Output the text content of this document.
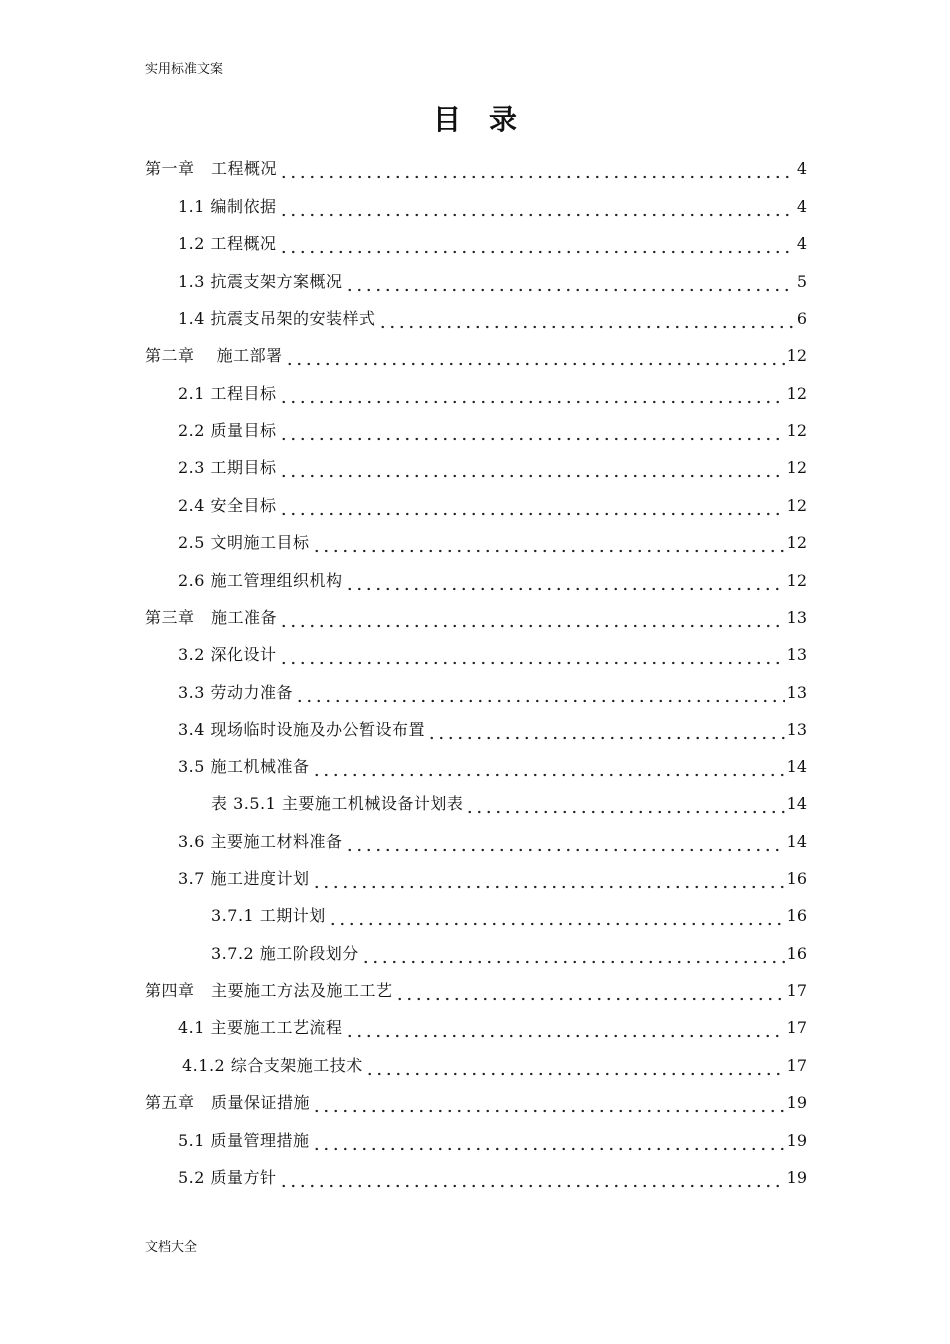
实用标准文案
目录
第一章　工程概况	4
1.1 编制依据	4
1.2 工程概况	4
1.3 抗震支架方案概况	5
1.4 抗震支吊架的安装样式	6
第二章　 施工部署	12
2.1 工程目标	12
2.2 质量目标	12
2.3 工期目标	12
2.4 安全目标	12
2.5 文明施工目标	12
2.6 施工管理组织机构	12
第三章　施工准备	13
3.2 深化设计	13
3.3 劳动力准备	13
3.4 现场临时设施及办公暂设布置	13
3.5 施工机械准备	14
表 3.5.1 主要施工机械设备计划表	14
3.6 主要施工材料准备	14
3.7 施工进度计划	16
3.7.1 工期计划	16
3.7.2 施工阶段划分	16
第四章　主要施工方法及施工工艺	17
4.1 主要施工工艺流程	17
4.1.2 综合支架施工技术	17
第五章　质量保证措施	19
5.1 质量管理措施	19
5.2 质量方针	19
文档大全
